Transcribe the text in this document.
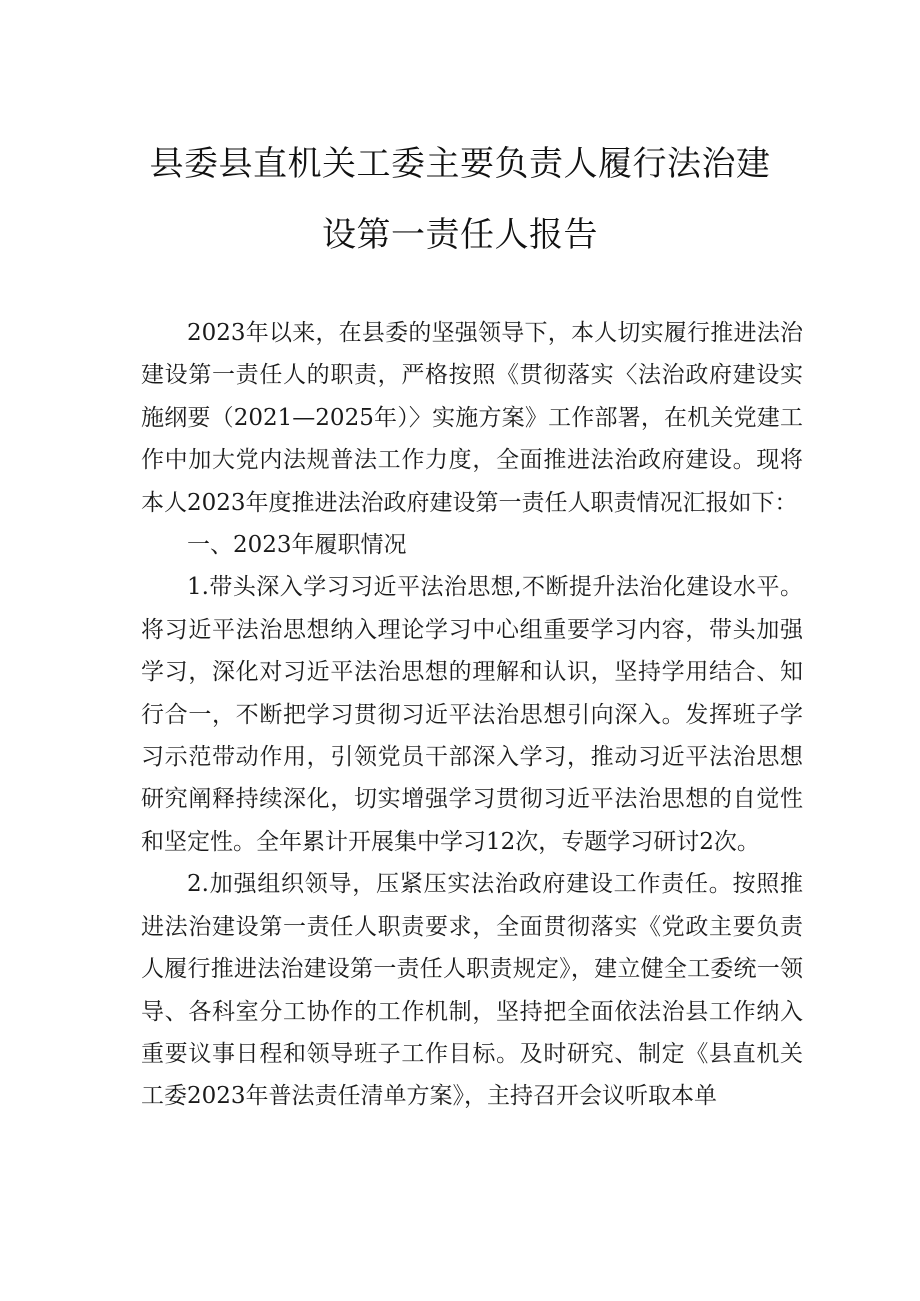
县委县直机关工委主要负责人履行法治建
设第一责任人报告

2023年以来，在县委的坚强领导下，本人切实履行推进法治建设第一责任人的职责，严格按照《贯彻落实〈法治政府建设实施纲要（2021—2025年）〉实施方案》工作部署，在机关党建工作中加大党内法规普法工作力度，全面推进法治政府建设。现将本人2023年度推进法治政府建设第一责任人职责情况汇报如下：

一、2023年履职情况

1.带头深入学习习近平法治思想,不断提升法治化建设水平。将习近平法治思想纳入理论学习中心组重要学习内容，带头加强学习，深化对习近平法治思想的理解和认识，坚持学用结合、知行合一，不断把学习贯彻习近平法治思想引向深入。发挥班子学习示范带动作用，引领党员干部深入学习，推动习近平法治思想研究阐释持续深化，切实增强学习贯彻习近平法治思想的自觉性和坚定性。全年累计开展集中学习12次，专题学习研讨2次。

2.加强组织领导，压紧压实法治政府建设工作责任。按照推进法治建设第一责任人职责要求，全面贯彻落实《党政主要负责人履行推进法治建设第一责任人职责规定》，建立健全工委统一领导、各科室分工协作的工作机制，坚持把全面依法治县工作纳入重要议事日程和领导班子工作目标。及时研究、制定《县直机关工委2023年普法责任清单方案》，主持召开会议听取本单
